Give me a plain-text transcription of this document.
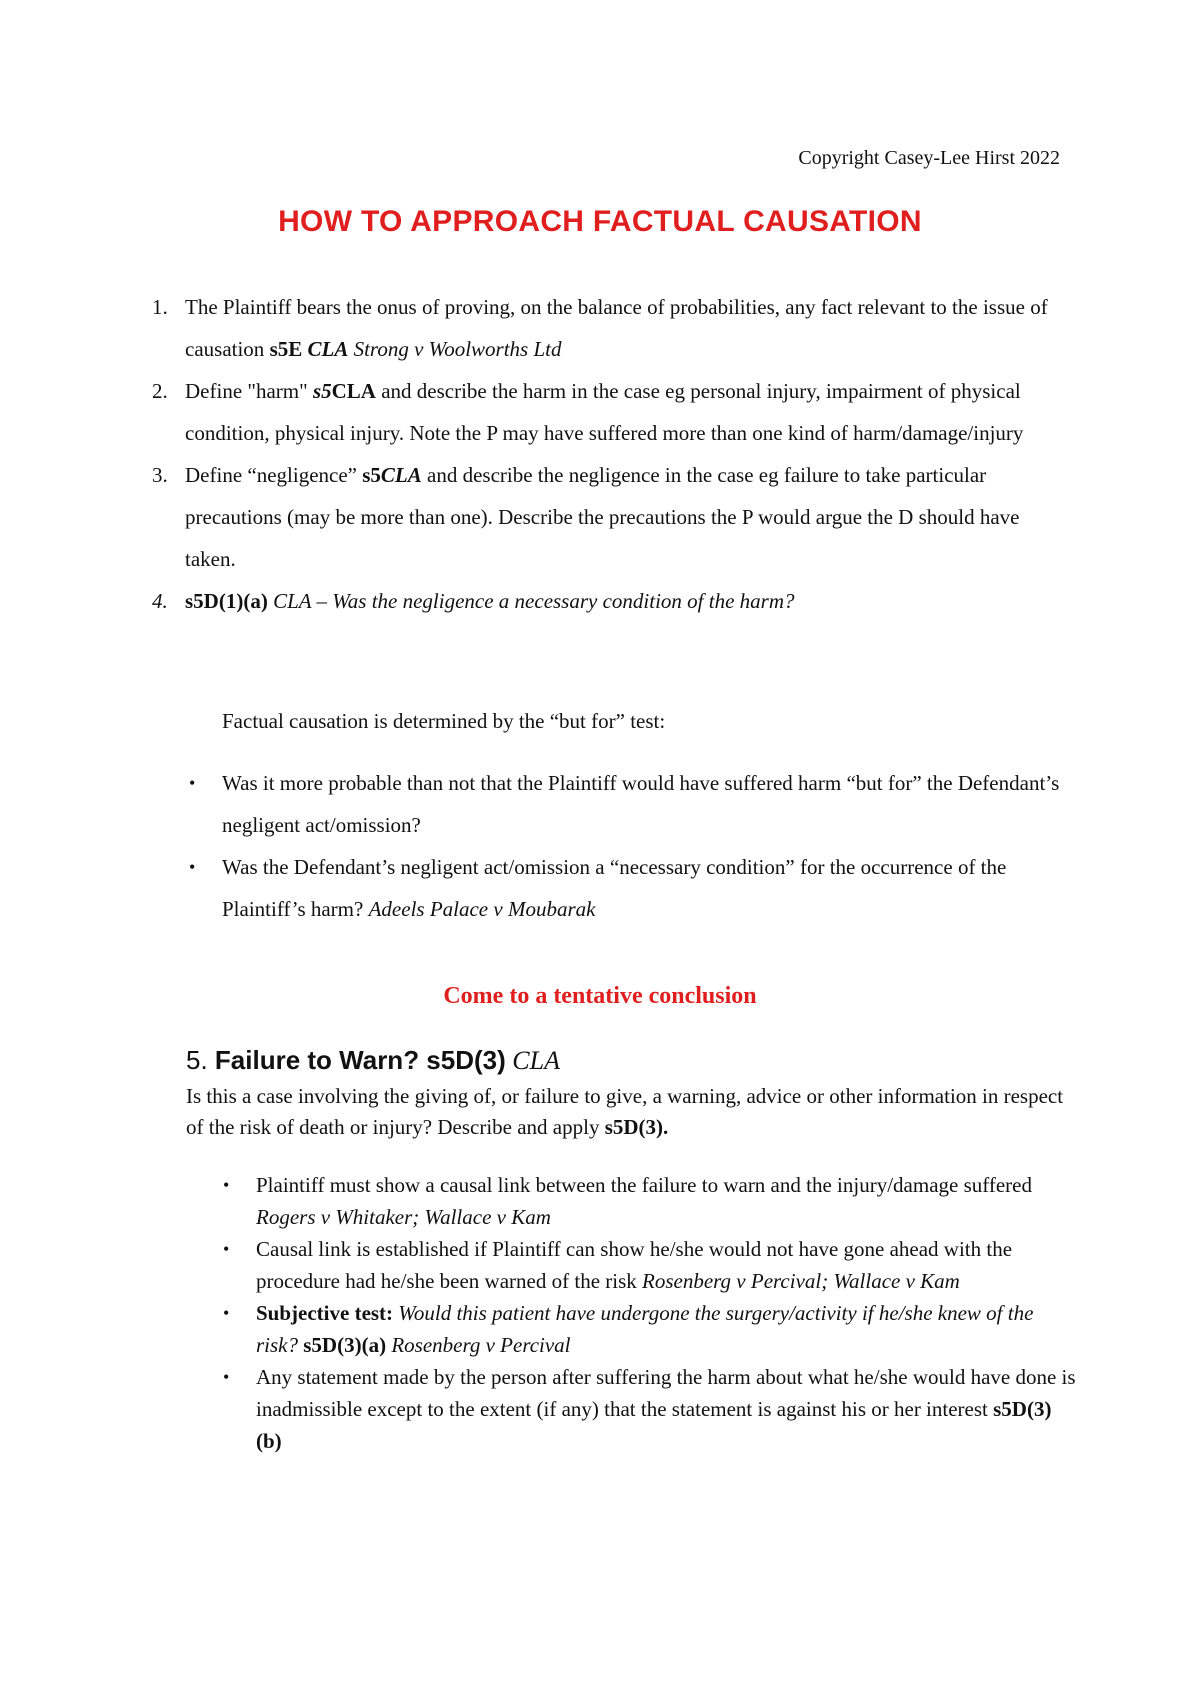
Copyright Casey-Lee Hirst 2022
HOW TO APPROACH FACTUAL CAUSATION
1. The Plaintiff bears the onus of proving, on the balance of probabilities, any fact relevant to the issue of causation s5E CLA Strong v Woolworths Ltd
2. Define "harm" s5CLA and describe the harm in the case eg personal injury, impairment of physical condition, physical injury. Note the P may have suffered more than one kind of harm/damage/injury
3. Define “negligence” s5CLA and describe the negligence in the case eg failure to take particular precautions (may be more than one). Describe the precautions the P would argue the D should have taken.
4. s5D(1)(a) CLA – Was the negligence a necessary condition of the harm?
Factual causation is determined by the “but for” test:
• Was it more probable than not that the Plaintiff would have suffered harm “but for” the Defendant’s negligent act/omission?
• Was the Defendant’s negligent act/omission a “necessary condition” for the occurrence of the Plaintiff’s harm? Adeels Palace v Moubarak
Come to a tentative conclusion
5. Failure to Warn? s5D(3) CLA
Is this a case involving the giving of, or failure to give, a warning, advice or other information in respect of the risk of death or injury? Describe and apply s5D(3).
• Plaintiff must show a causal link between the failure to warn and the injury/damage suffered Rogers v Whitaker; Wallace v Kam
• Causal link is established if Plaintiff can show he/she would not have gone ahead with the procedure had he/she been warned of the risk Rosenberg v Percival; Wallace v Kam
• Subjective test: Would this patient have undergone the surgery/activity if he/she knew of the risk? s5D(3)(a) Rosenberg v Percival
• Any statement made by the person after suffering the harm about what he/she would have done is inadmissible except to the extent (if any) that the statement is against his or her interest s5D(3)(b)
